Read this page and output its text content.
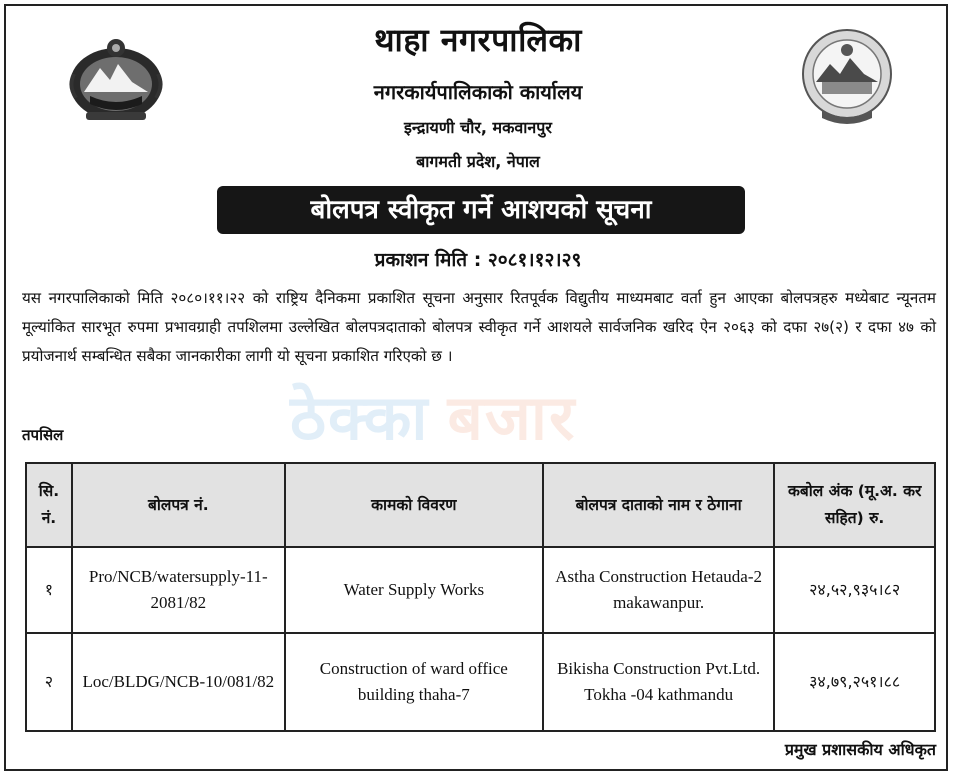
थाहा नगरपालिका
नगरकार्यपालिकाको कार्यालय
इन्द्रायणी चौर, मकवानपुर
बागमती प्रदेश, नेपाल
बोलपत्र स्वीकृत गर्ने आशयको सूचना
प्रकाशन मिति : २०८१।१२।२९
यस नगरपालिकाको मिति २०८०।११।२२ को राष्ट्रिय दैनिकमा प्रकाशित सूचना अनुसार रितपूर्वक विद्युतीय माध्यमबाट वर्ता हुन आएका बोलपत्रहरु मध्येबाट न्यूनतम मूल्यांकित सारभूत रुपमा प्रभावग्राही तपशिलमा उल्लेखित बोलपत्रदाताको बोलपत्र स्वीकृत गर्ने आशयले सार्वजनिक खरिद ऐन २०६३ को दफा २७(२) र दफा ४७ को प्रयोजनार्थ सम्बन्धित सबैका जानकारीका लागी यो सूचना प्रकाशित गरिएको छ ।
ठेक्का बजार
तपसिल
सि. नं.	बोलपत्र नं.	कामको विवरण	बोलपत्र दाताको नाम र ठेगाना	कबोल अंक (मू.अ. कर सहित) रु.
१	Pro/NCB/watersupply-11-2081/82	Water Supply Works	Astha Construction Hetauda-2 makawanpur.	२४,५२,९३५।८२
२	Loc/BLDG/NCB-10/081/82	Construction of ward office building thaha-7	Bikisha Construction Pvt.Ltd. Tokha -04 kathmandu	३४,७९,२५१।८८
प्रमुख प्रशासकीय अधिकृत
